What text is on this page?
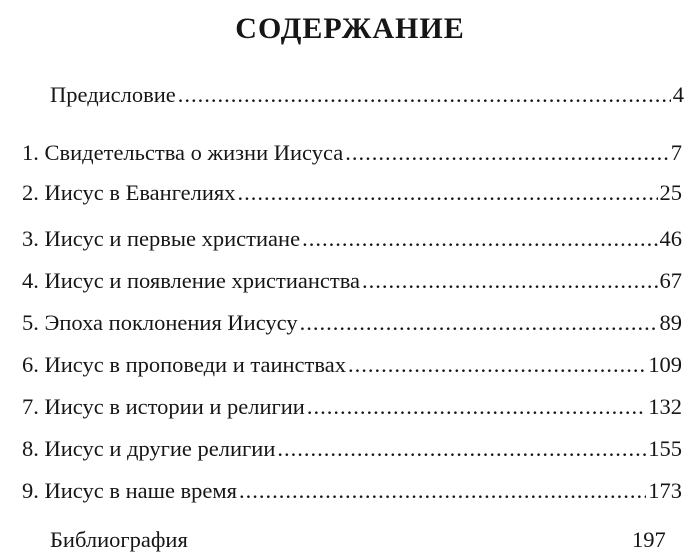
СОДЕРЖАНИЕ
Предисловие .....	4
1. Свидетельства о жизни Иисуса .....	7
2. Иисус в Евангелиях .....	25
3. Иисус и первые христиане .....	46
4. Иисус и появление христианства .....	67
5. Эпоха поклонения Иисусу .....	89
6. Иисус в проповеди и таинствах .....	109
7. Иисус в истории и религии .....	132
8. Иисус и другие религии .....	155
9. Иисус в наше время .....	173
Библиография	197
